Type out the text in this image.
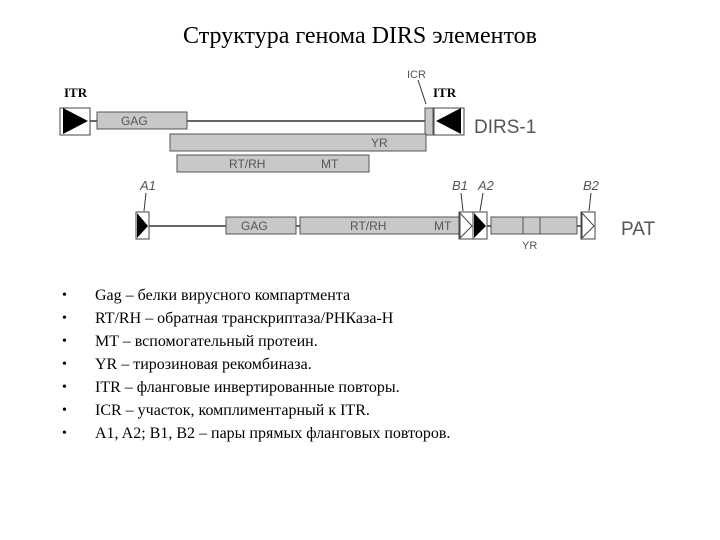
Структура генома DIRS элементов
ITR
ICR
ITR
GAG	DIRS-1
YR
RT/RH	MT
A1	B1 A2	B2
GAG	RT/RH	MT
YR
PAT
•	Gag – белки вирусного компартмента
•	RT/RH – обратная транскриптаза/РНКаза-Н
•	MT – вспомогательный протеин.
•	YR – тирозиновая рекомбиназа.
•	ITR – фланговые инвертированные повторы.
•	ICR – участок, комплиментарный к ITR.
•	A1, A2; B1, B2 – пары прямых фланговых повторов.
